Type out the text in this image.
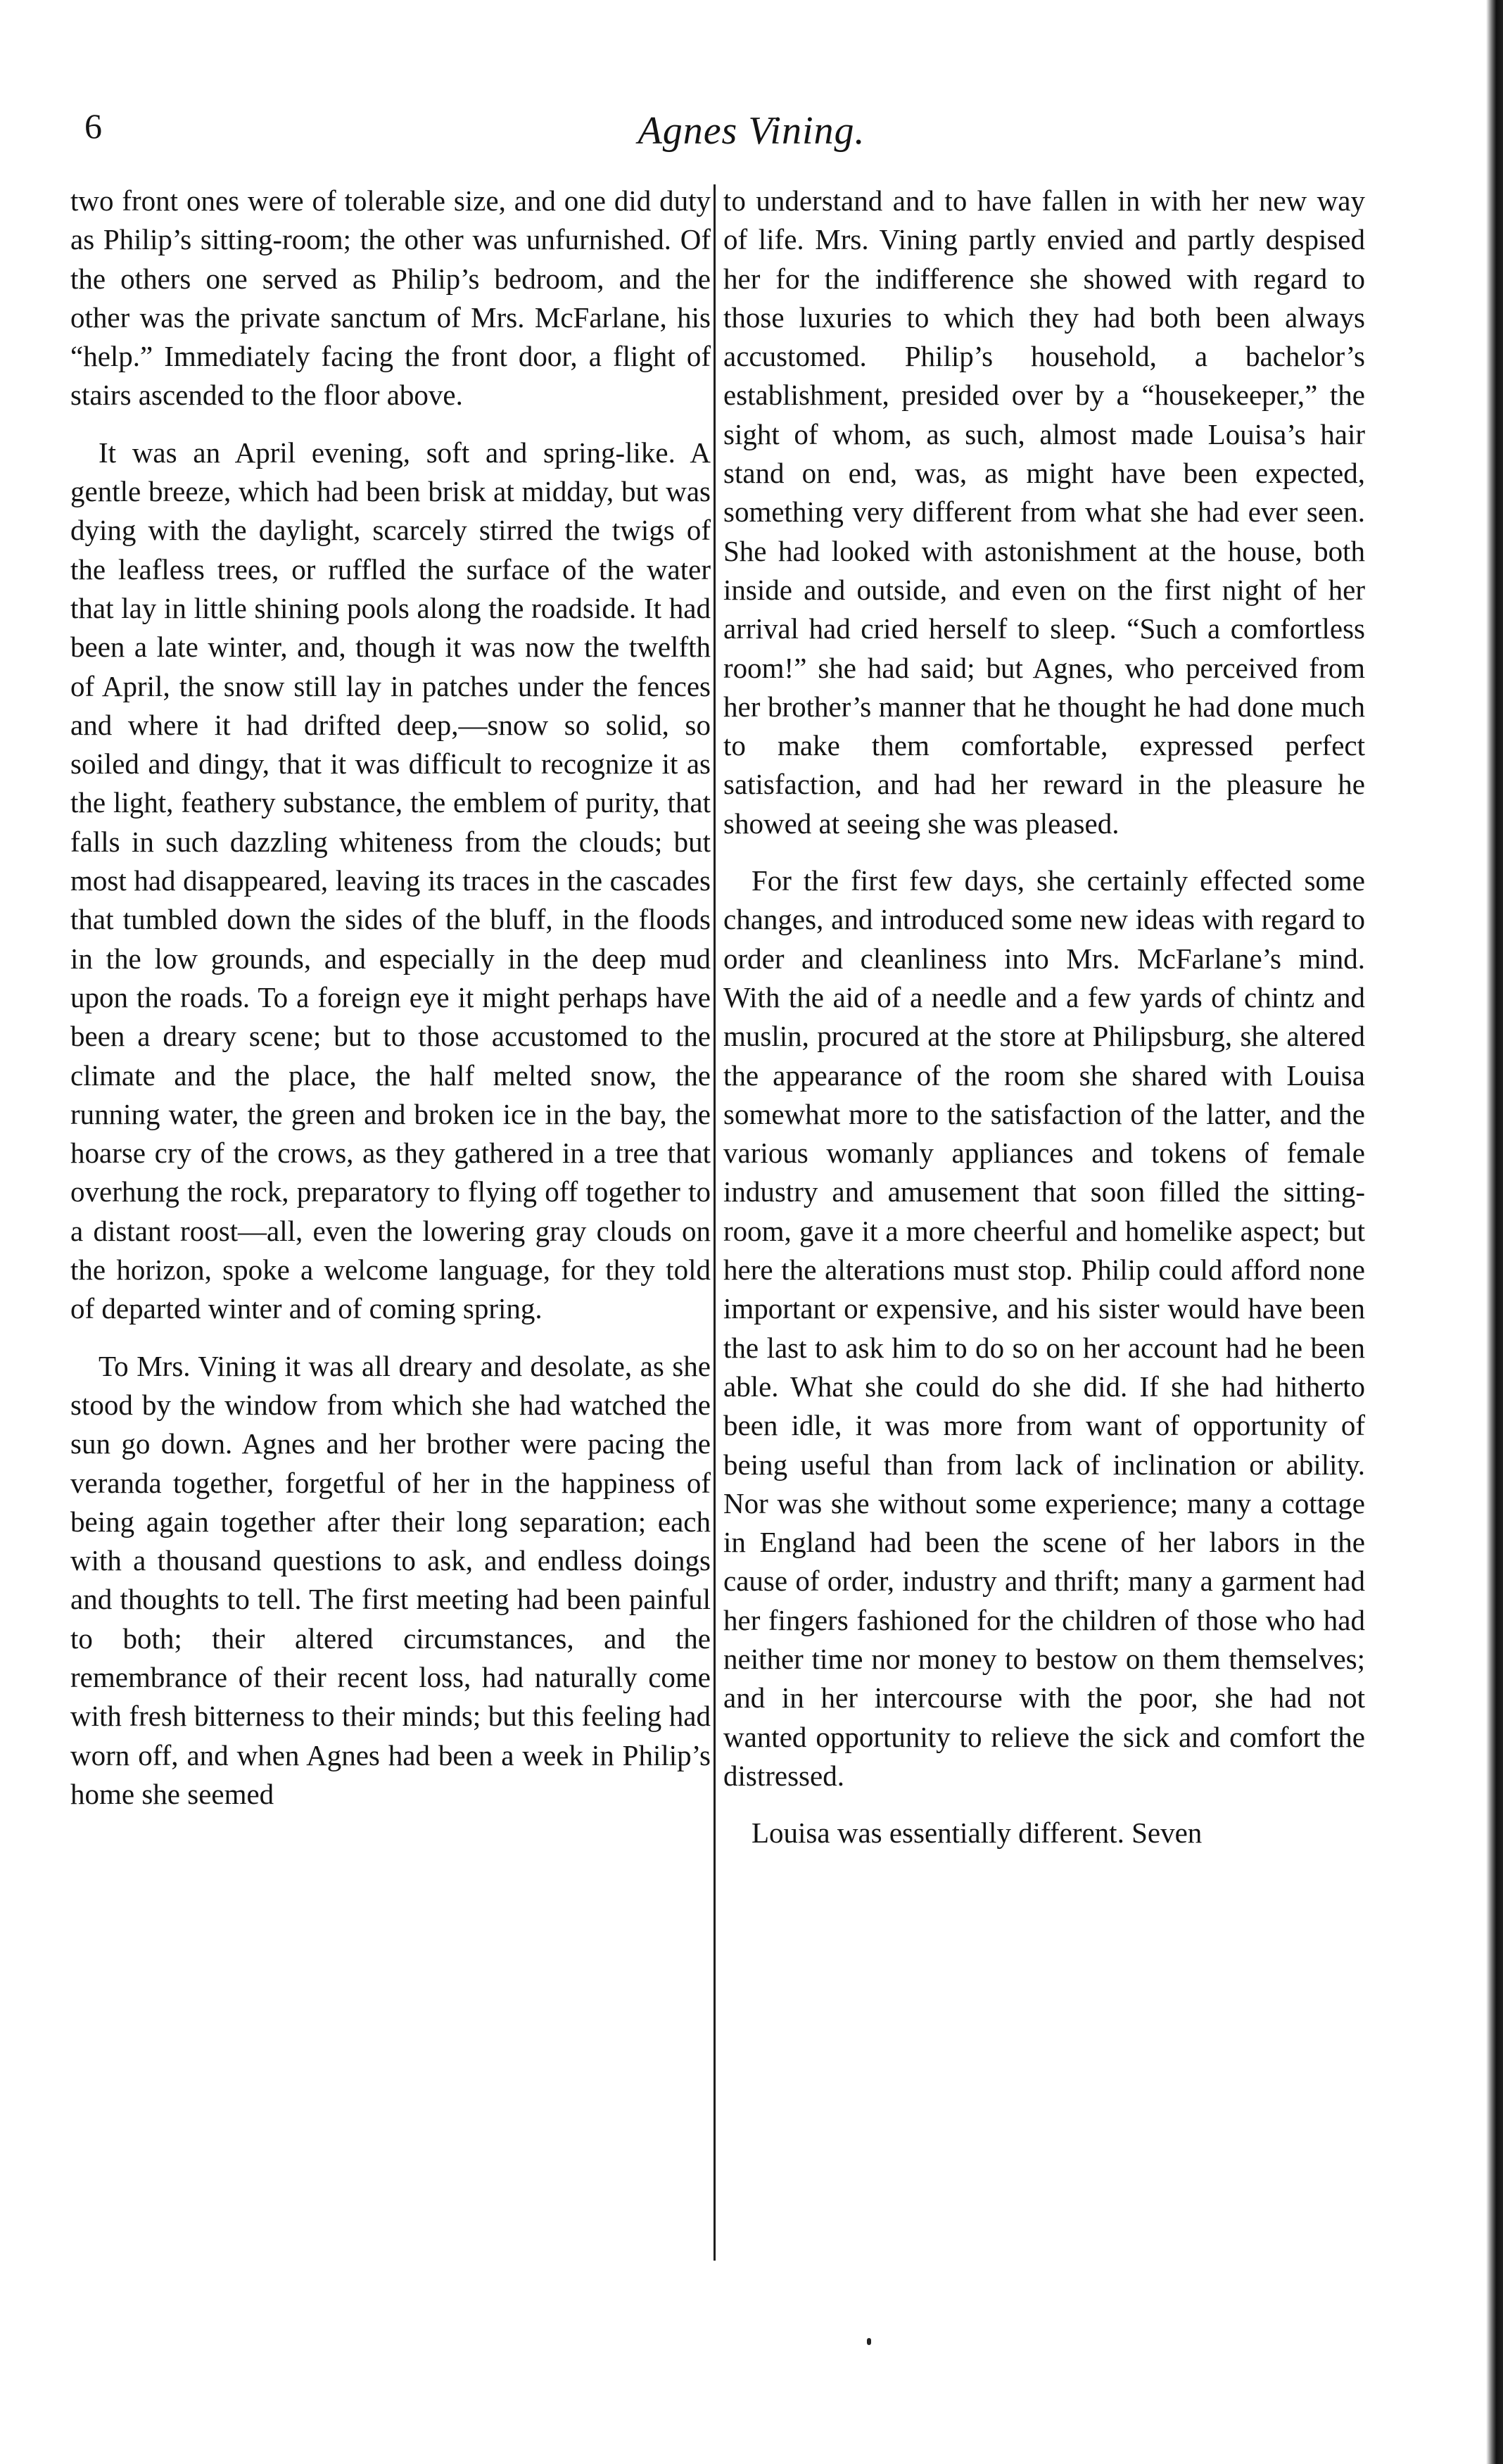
6	Agnes Vining.

two front ones were of tolerable size, and one did duty as Philip’s sitting-room; the other was unfurnished. Of the others one served as Philip’s bedroom, and the other was the private sanctum of Mrs. McFarlane, his “help.” Immediately facing the front door, a flight of stairs ascended to the floor above.

It was an April evening, soft and spring-like. A gentle breeze, which had been brisk at midday, but was dying with the daylight, scarcely stirred the twigs of the leafless trees, or ruffled the surface of the water that lay in little shining pools along the roadside. It had been a late winter, and, though it was now the twelfth of April, the snow still lay in patches under the fences and where it had drifted deep,—snow so solid, so soiled and dingy, that it was difficult to recognize it as the light, feathery substance, the emblem of purity, that falls in such dazzling whiteness from the clouds; but most had disappeared, leaving its traces in the cascades that tumbled down the sides of the bluff, in the floods in the low grounds, and especially in the deep mud upon the roads. To a foreign eye it might perhaps have been a dreary scene; but to those accustomed to the climate and the place, the half melted snow, the running water, the green and broken ice in the bay, the hoarse cry of the crows, as they gathered in a tree that overhung the rock, preparatory to flying off together to a distant roost—all, even the lowering gray clouds on the horizon, spoke a welcome language, for they told of departed winter and of coming spring.

To Mrs. Vining it was all dreary and desolate, as she stood by the window from which she had watched the sun go down. Agnes and her brother were pacing the veranda together, forgetful of her in the happiness of being again together after their long separation; each with a thousand questions to ask, and endless doings and thoughts to tell. The first meeting had been painful to both; their altered circumstances, and the remembrance of their recent loss, had naturally come with fresh bitterness to their minds; but this feeling had worn off, and when Agnes had been a week in Philip’s home she seemed

to understand and to have fallen in with her new way of life. Mrs. Vining partly envied and partly despised her for the indifference she showed with regard to those luxuries to which they had both been always accustomed. Philip’s household, a bachelor’s establishment, presided over by a “housekeeper,” the sight of whom, as such, almost made Louisa’s hair stand on end, was, as might have been expected, something very different from what she had ever seen. She had looked with astonishment at the house, both inside and outside, and even on the first night of her arrival had cried herself to sleep. “Such a comfortless room!” she had said; but Agnes, who perceived from her brother’s manner that he thought he had done much to make them comfortable, expressed perfect satisfaction, and had her reward in the pleasure he showed at seeing she was pleased.

For the first few days, she certainly effected some changes, and introduced some new ideas with regard to order and cleanliness into Mrs. McFarlane’s mind. With the aid of a needle and a few yards of chintz and muslin, procured at the store at Philipsburg, she altered the appearance of the room she shared with Louisa somewhat more to the satisfaction of the latter, and the various womanly appliances and tokens of female industry and amusement that soon filled the sitting-room, gave it a more cheerful and homelike aspect; but here the alterations must stop. Philip could afford none important or expensive, and his sister would have been the last to ask him to do so on her account had he been able. What she could do she did. If she had hitherto been idle, it was more from want of opportunity of being useful than from lack of inclination or ability. Nor was she without some experience; many a cottage in England had been the scene of her labors in the cause of order, industry and thrift; many a garment had her fingers fashioned for the children of those who had neither time nor money to bestow on them themselves; and in her intercourse with the poor, she had not wanted opportunity to relieve the sick and comfort the distressed.

Louisa was essentially different. Seven
